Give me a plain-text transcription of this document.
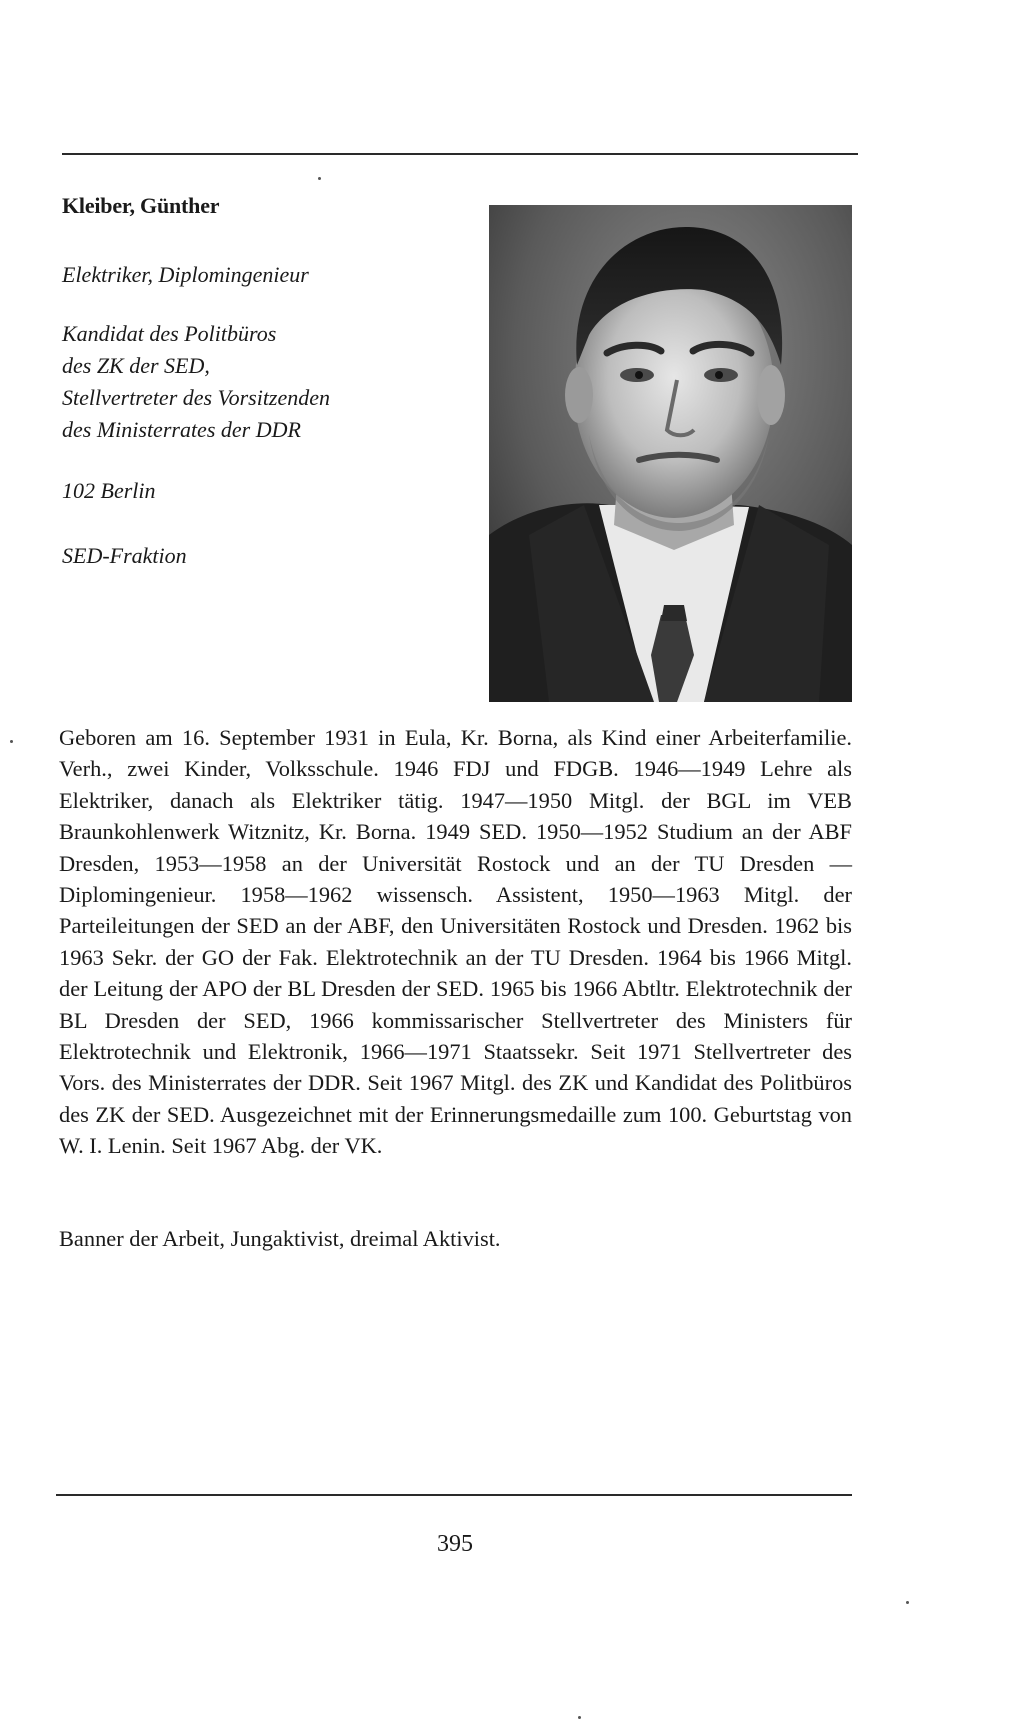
Kleiber, Günther
Elektriker, Diplomingenieur
Kandidat des Politbüros
des ZK der SED,
Stellvertreter des Vorsitzenden
des Ministerrates der DDR
102 Berlin
SED-Fraktion
Geboren am 16. September 1931 in Eula, Kr. Borna, als Kind einer Arbeiterfamilie. Verh., zwei Kinder, Volksschule. 1946 FDJ und FDGB. 1946—1949 Lehre als Elektriker, danach als Elektriker tätig. 1947—1950 Mitgl. der BGL im VEB Braunkohlenwerk Witznitz, Kr. Borna. 1949 SED. 1950—1952 Studium an der ABF Dresden, 1953—1958 an der Universität Rostock und an der TU Dresden — Diplomingenieur. 1958—1962 wissensch. Assistent, 1950—1963 Mitgl. der Parteileitungen der SED an der ABF, den Universitäten Rostock und Dresden. 1962 bis 1963 Sekr. der GO der Fak. Elektrotechnik an der TU Dresden. 1964 bis 1966 Mitgl. der Leitung der APO der BL Dresden der SED. 1965 bis 1966 Abtltr. Elektrotechnik der BL Dresden der SED, 1966 kommissarischer Stellvertreter des Ministers für Elektrotechnik und Elektronik, 1966—1971 Staatssekr. Seit 1971 Stellvertreter des Vors. des Ministerrates der DDR. Seit 1967 Mitgl. des ZK und Kandidat des Politbüros des ZK der SED. Ausgezeichnet mit der Erinnerungsmedaille zum 100. Geburtstag von W. I. Lenin. Seit 1967 Abg. der VK.
Banner der Arbeit, Jungaktivist, dreimal Aktivist.
395
